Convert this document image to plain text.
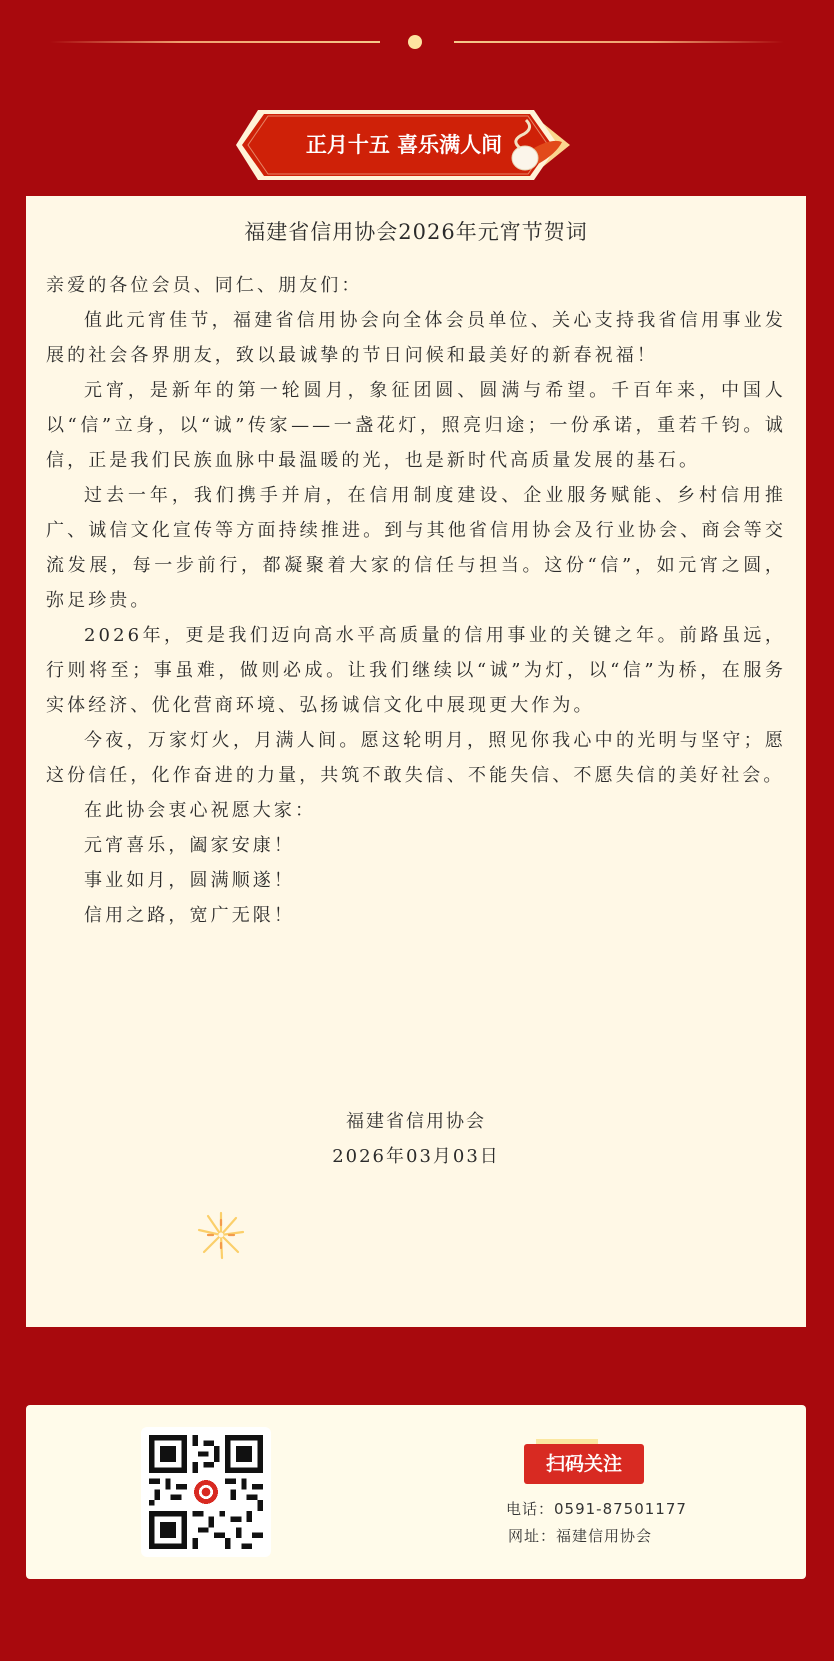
正月十五 喜乐满人间
福建省信用协会2026年元宵节贺词

亲爱的各位会员、同仁、朋友们：

值此元宵佳节，福建省信用协会向全体会员单位、关心支持我省信用事业发展的社会各界朋友，致以最诚挚的节日问候和最美好的新春祝福！

元宵，是新年的第一轮圆月，象征团圆、圆满与希望。千百年来，中国人以“信”立身，以“诚”传家——一盏花灯，照亮归途；一份承诺，重若千钧。诚信，正是我们民族血脉中最温暖的光，也是新时代高质量发展的基石。

过去一年，我们携手并肩，在信用制度建设、企业服务赋能、乡村信用推广、诚信文化宣传等方面持续推进。到与其他省信用协会及行业协会、商会等交流发展，每一步前行，都凝聚着大家的信任与担当。这份“信”，如元宵之圆，弥足珍贵。

2026年，更是我们迈向高水平高质量的信用事业的关键之年。前路虽远，行则将至；事虽难，做则必成。让我们继续以“诚”为灯，以“信”为桥，在服务实体经济、优化营商环境、弘扬诚信文化中展现更大作为。

今夜，万家灯火，月满人间。愿这轮明月，照见你我心中的光明与坚守；愿这份信任，化作奋进的力量，共筑不敢失信、不能失信、不愿失信的美好社会。

在此协会衷心祝愿大家：

元宵喜乐，阖家安康！

事业如月，圆满顺遂！

信用之路，宽广无限！

福建省信用协会
2026年03月03日
扫码关注
电话：0591-87501177
网址：福建信用协会
